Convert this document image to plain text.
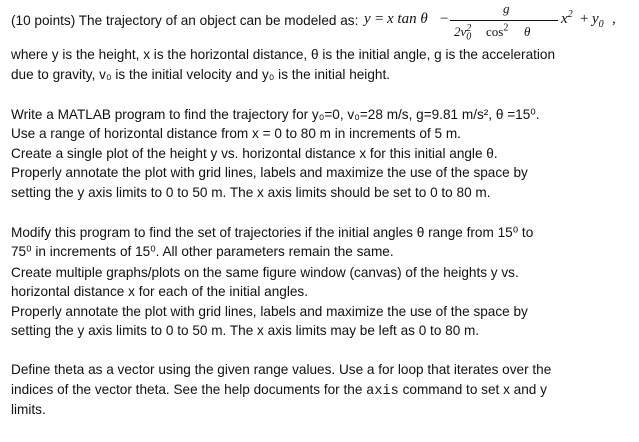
(10 points) The trajectory of an object can be modeled as: y = x tan θ −
g
$2v_0^2$ $\cos^2 \theta$
$x^2 + y_0$ ,
where y is the height, x is the horizontal distance, θ is the initial angle, g is the acceleration
due to gravity, v₀ is the initial velocity and y₀ is the initial height.
Write a MATLAB program to find the trajectory for y₀=0, v₀=28 m/s, g=9.81 m/s², θ =15⁰.
Use a range of horizontal distance from x = 0 to 80 m in increments of 5 m.
Create a single plot of the height y vs. horizontal distance x for this initial angle θ.
Properly annotate the plot with grid lines, labels and maximize the use of the space by
setting the y axis limits to 0 to 50 m. The x axis limits should be set to 0 to 80 m.
Modify this program to find the set of trajectories if the initial angles θ range from 15⁰ to
75⁰ in increments of 15⁰. All other parameters remain the same.
Create multiple graphs/plots on the same figure window (canvas) of the heights y vs.
horizontal distance x for each of the initial angles.
Properly annotate the plot with grid lines, labels and maximize the use of the space by
setting the y axis limits to 0 to 50 m. The x axis limits may be left as 0 to 80 m.
Define theta as a vector using the given range values. Use a for loop that iterates over the
indices of the vector theta. See the help documents for the axis command to set x and y
limits.
